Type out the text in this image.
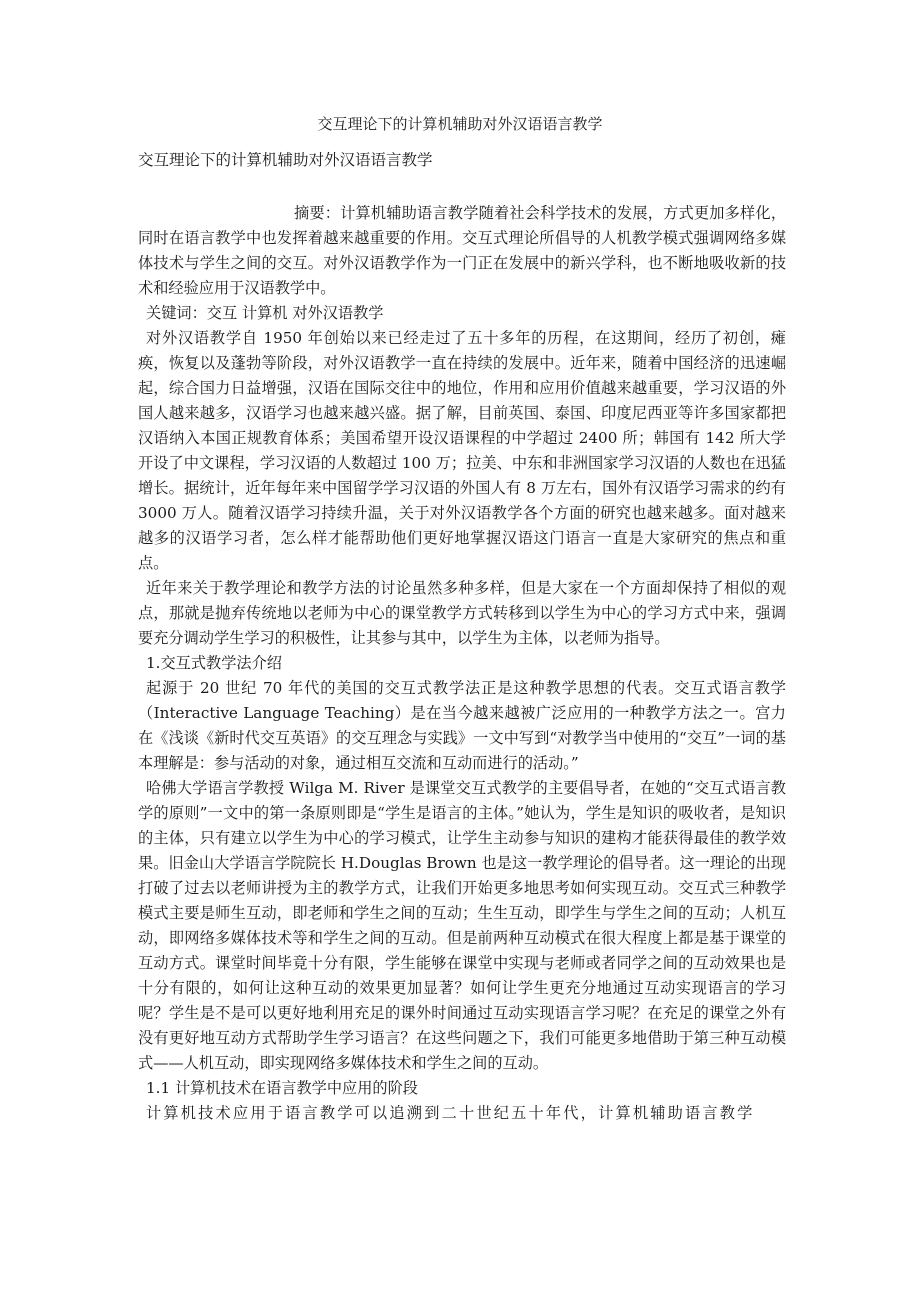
交互理论下的计算机辅助对外汉语语言教学
交互理论下的计算机辅助对外汉语语言教学

摘要：计算机辅助语言教学随着社会科学技术的发展，方式更加多样化，同时在语言教学中也发挥着越来越重要的作用。交互式理论所倡导的人机教学模式强调网络多媒体技术与学生之间的交互。对外汉语教学作为一门正在发展中的新兴学科，也不断地吸收新的技术和经验应用于汉语教学中。

关键词：交互 计算机 对外汉语教学

对外汉语教学自 1950 年创始以来已经走过了五十多年的历程，在这期间，经历了初创，瘫痪，恢复以及蓬勃等阶段，对外汉语教学一直在持续的发展中。近年来，随着中国经济的迅速崛起，综合国力日益增强，汉语在国际交往中的地位，作用和应用价值越来越重要，学习汉语的外国人越来越多，汉语学习也越来越兴盛。据了解，目前英国、泰国、印度尼西亚等许多国家都把汉语纳入本国正规教育体系；美国希望开设汉语课程的中学超过 2400 所；韩国有 142 所大学开设了中文课程，学习汉语的人数超过 100 万；拉美、中东和非洲国家学习汉语的人数也在迅猛增长。据统计，近年每年来中国留学学习汉语的外国人有 8 万左右，国外有汉语学习需求的约有 3000 万人。随着汉语学习持续升温，关于对外汉语教学各个方面的研究也越来越多。面对越来越多的汉语学习者，怎么样才能帮助他们更好地掌握汉语这门语言一直是大家研究的焦点和重点。

近年来关于教学理论和教学方法的讨论虽然多种多样，但是大家在一个方面却保持了相似的观点，那就是抛弃传统地以老师为中心的课堂教学方式转移到以学生为中心的学习方式中来，强调要充分调动学生学习的积极性，让其参与其中，以学生为主体，以老师为指导。

1.交互式教学法介绍

起源于 20 世纪 70 年代的美国的交互式教学法正是这种教学思想的代表。交互式语言教学（Interactive Language Teaching）是在当今越来越被广泛应用的一种教学方法之一。宫力在《浅谈《新时代交互英语》的交互理念与实践》一文中写到“对教学当中使用的“交互”一词的基本理解是：参与活动的对象，通过相互交流和互动而进行的活动。”

哈佛大学语言学教授 Wilga M. River 是课堂交互式教学的主要倡导者，在她的“交互式语言教学的原则”一文中的第一条原则即是“学生是语言的主体。”她认为，学生是知识的吸收者，是知识的主体，只有建立以学生为中心的学习模式，让学生主动参与知识的建构才能获得最佳的教学效果。旧金山大学语言学院院长 H.Douglas Brown 也是这一教学理论的倡导者。这一理论的出现打破了过去以老师讲授为主的教学方式，让我们开始更多地思考如何实现互动。交互式三种教学模式主要是师生互动，即老师和学生之间的互动；生生互动，即学生与学生之间的互动；人机互动，即网络多媒体技术等和学生之间的互动。但是前两种互动模式在很大程度上都是基于课堂的互动方式。课堂时间毕竟十分有限，学生能够在课堂中实现与老师或者同学之间的互动效果也是十分有限的，如何让这种互动的效果更加显著？如何让学生更充分地通过互动实现语言的学习呢？学生是不是可以更好地利用充足的课外时间通过互动实现语言学习呢？在充足的课堂之外有没有更好地互动方式帮助学生学习语言？在这些问题之下，我们可能更多地借助于第三种互动模式——人机互动，即实现网络多媒体技术和学生之间的互动。

1.1 计算机技术在语言教学中应用的阶段

计算机技术应用于语言教学可以追溯到二十世纪五十年代，计算机辅助语言教学
